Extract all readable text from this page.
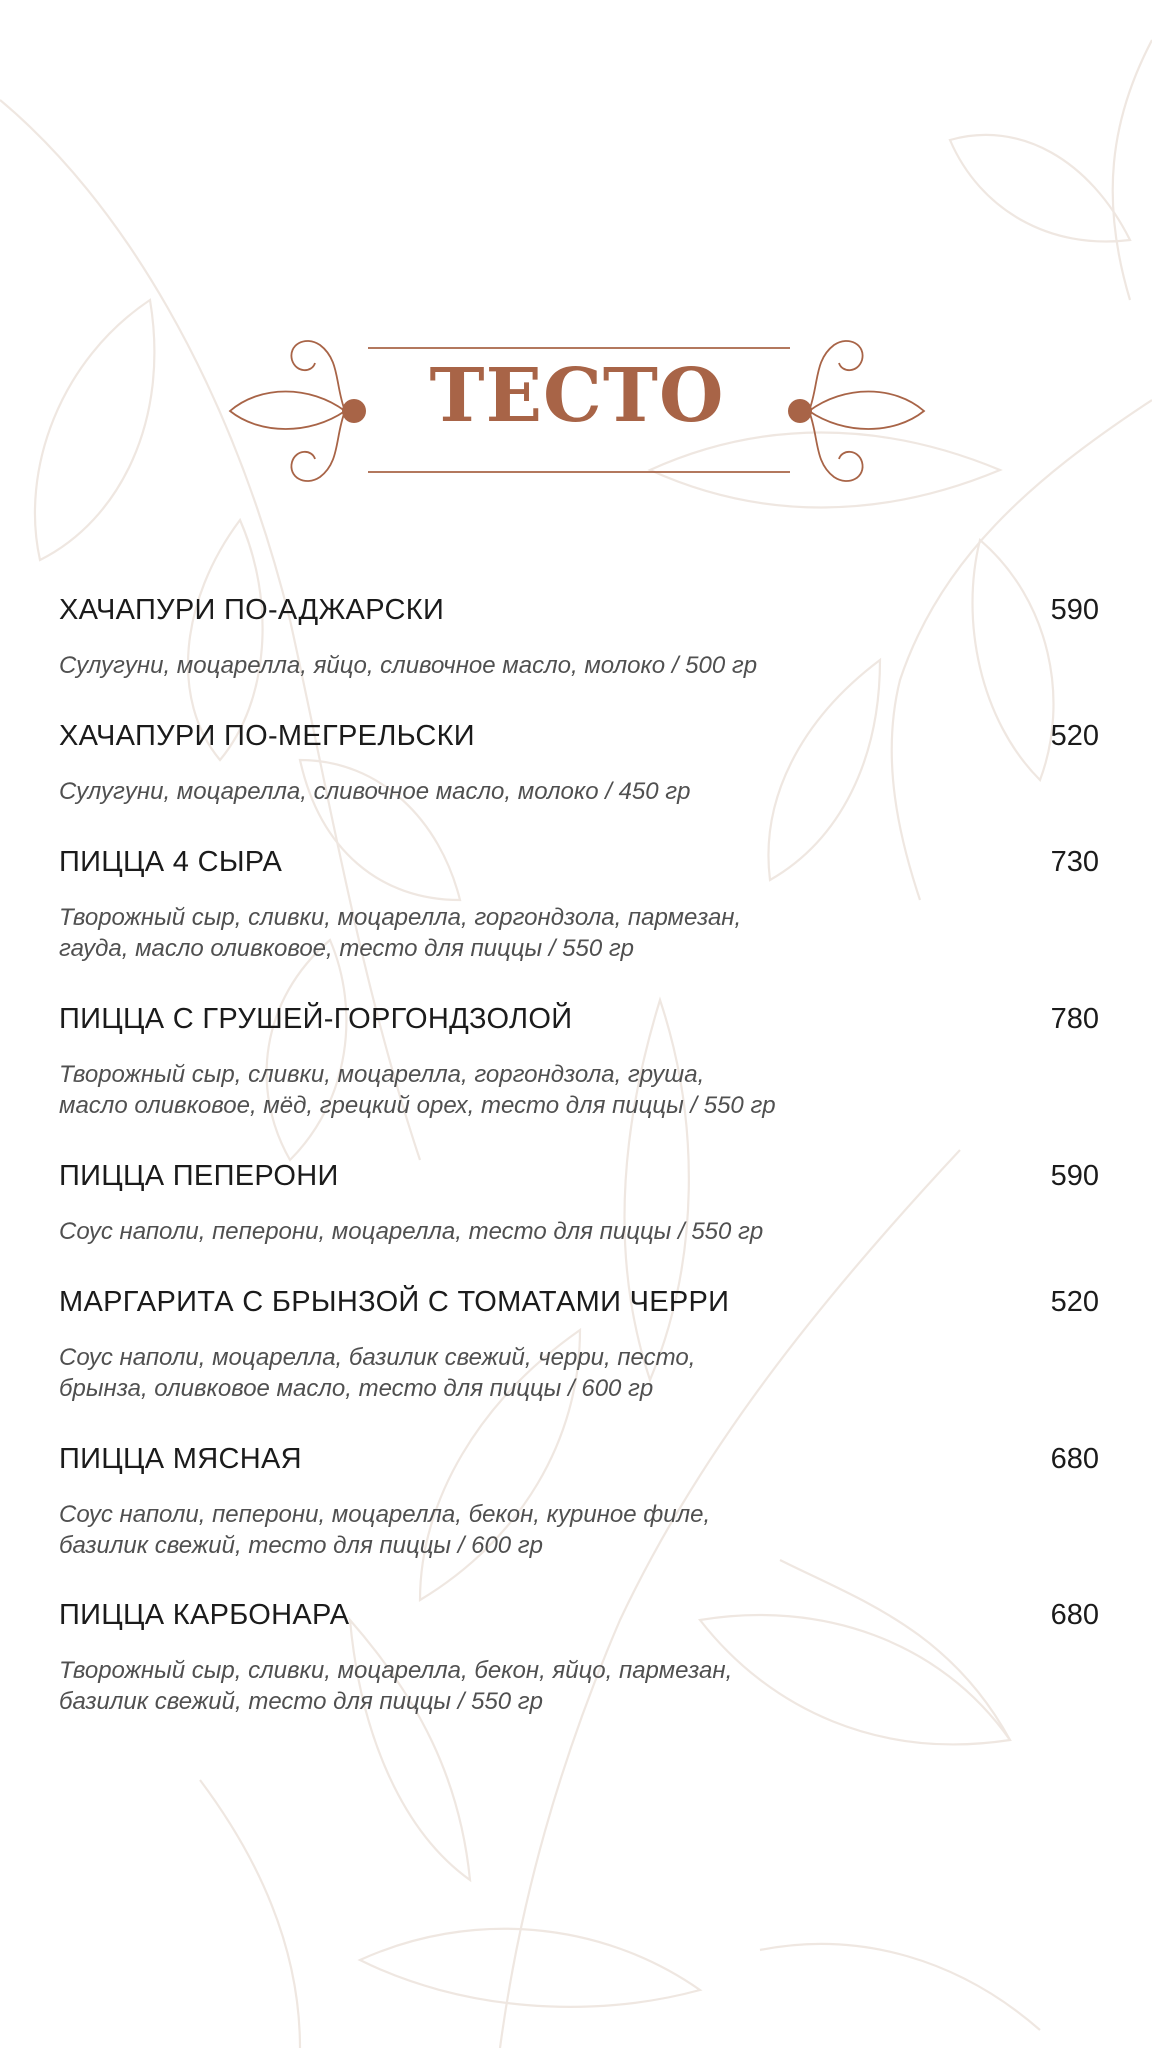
ТЕСТО
ХАЧАПУРИ ПО-АДЖАРСКИ	590
Сулугуни, моцарелла, яйцо, сливочное масло, молоко / 500 гр
ХАЧАПУРИ ПО-МЕГРЕЛЬСКИ	520
Сулугуни, моцарелла, сливочное масло, молоко / 450 гр
ПИЦЦА 4 СЫРА	730
Творожный сыр, сливки, моцарелла, горгондзола, пармезан,
гауда, масло оливковое, тесто для пиццы / 550 гр
ПИЦЦА С ГРУШЕЙ-ГОРГОНДЗОЛОЙ	780
Творожный сыр, сливки, моцарелла, горгондзола, груша,
масло оливковое, мёд, грецкий орех, тесто для пиццы / 550 гр
ПИЦЦА ПЕПЕРОНИ	590
Соус наполи, пеперони, моцарелла, тесто для пиццы / 550 гр
МАРГАРИТА С БРЫНЗОЙ С ТОМАТАМИ ЧЕРРИ	520
Соус наполи, моцарелла, базилик свежий, черри, песто,
брынза, оливковое масло, тесто для пиццы / 600 гр
ПИЦЦА МЯСНАЯ	680
Соус наполи, пеперони, моцарелла, бекон, куриное филе,
базилик свежий, тесто для пиццы / 600 гр
ПИЦЦА КАРБОНАРА	680
Творожный сыр, сливки, моцарелла, бекон, яйцо, пармезан,
базилик свежий, тесто для пиццы / 550 гр
